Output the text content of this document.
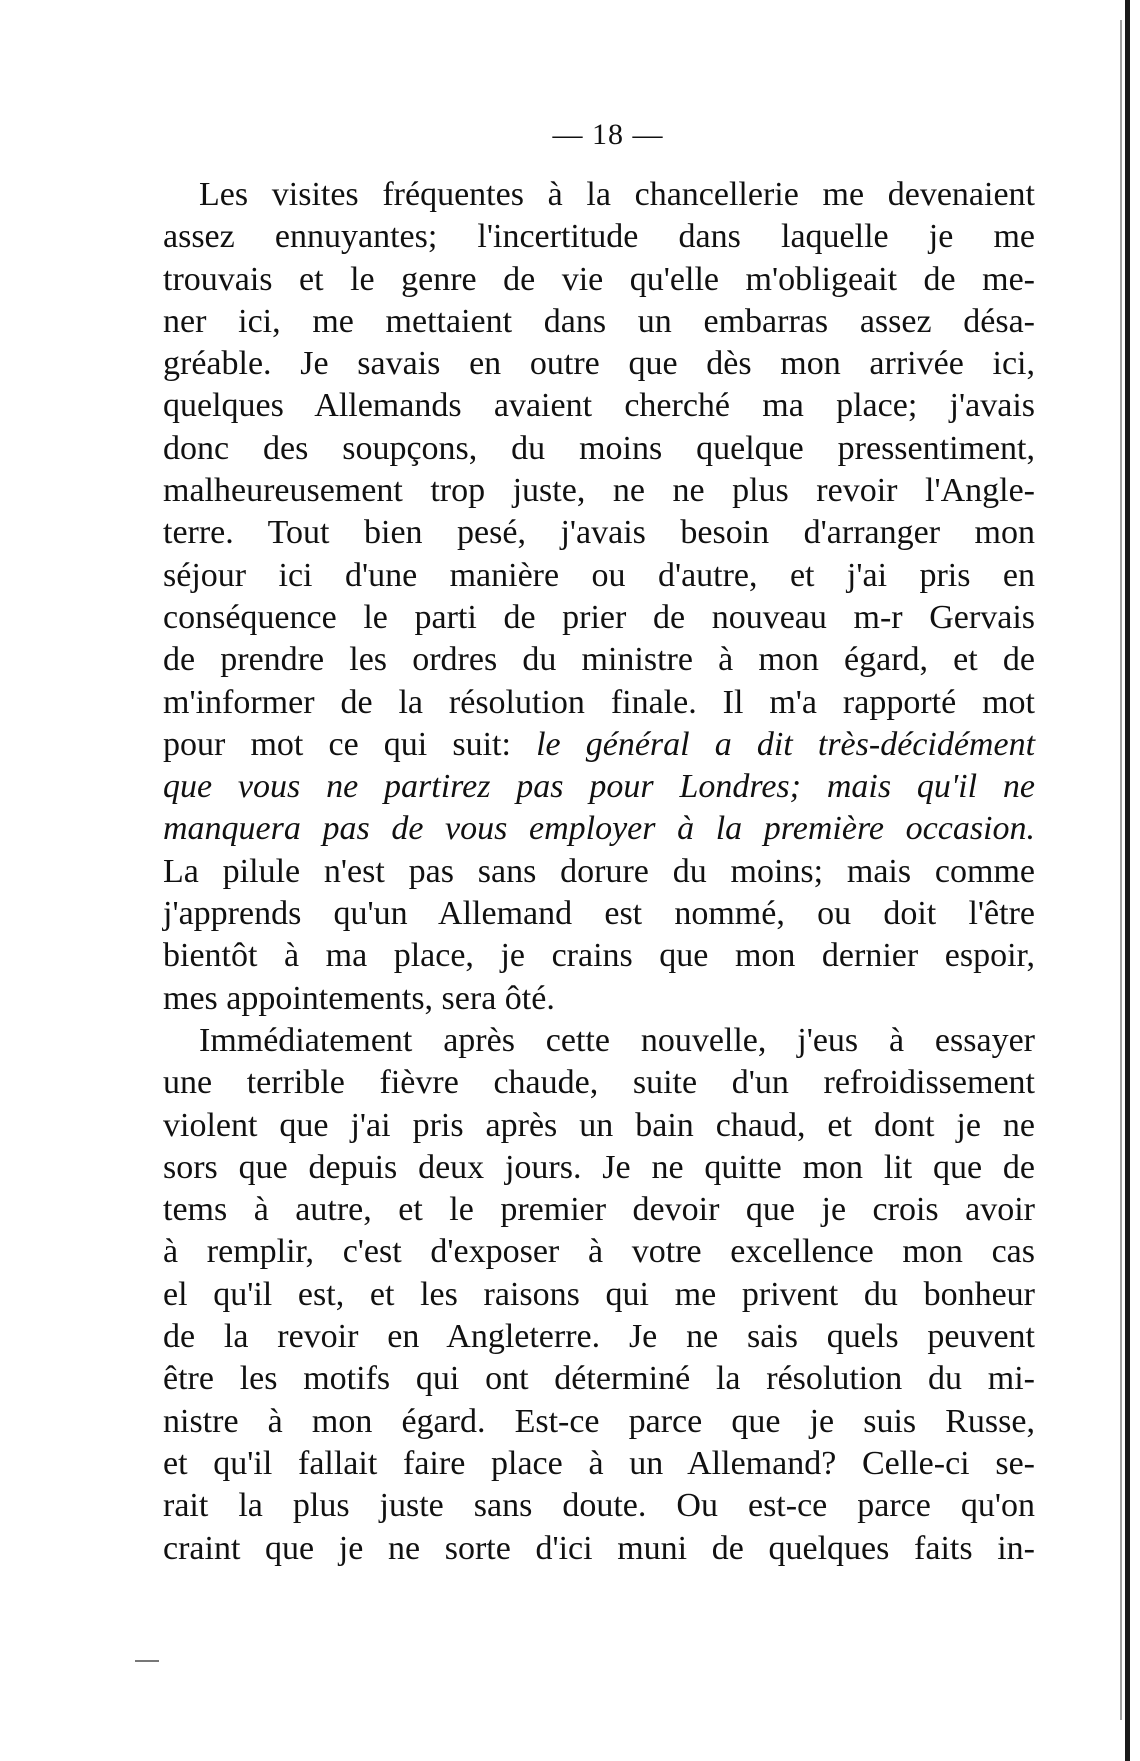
— 18 —
Les visites fréquentes à la chancellerie me devenaient
assez ennuyantes; l'incertitude dans laquelle je me
trouvais et le genre de vie qu'elle m'obligeait de me-
ner ici, me mettaient dans un embarras assez désa-
gréable. Je savais en outre que dès mon arrivée ici,
quelques Allemands avaient cherché ma place; j'avais
donc des soupçons, du moins quelque pressentiment,
malheureusement trop juste, ne ne plus revoir l'Angle-
terre. Tout bien pesé, j'avais besoin d'arranger mon
séjour ici d'une manière ou d'autre, et j'ai pris en
conséquence le parti de prier de nouveau m-r Gervais
de prendre les ordres du ministre à mon égard, et de
m'informer de la résolution finale. Il m'a rapporté mot
pour mot ce qui suit: le général a dit très-décidément
que vous ne partirez pas pour Londres; mais qu'il ne
manquera pas de vous employer à la première occasion.
La pilule n'est pas sans dorure du moins; mais comme
j'apprends qu'un Allemand est nommé, ou doit l'être
bientôt à ma place, je crains que mon dernier espoir,
mes appointements, sera ôté.
Immédiatement après cette nouvelle, j'eus à essayer
une terrible fièvre chaude, suite d'un refroidissement
violent que j'ai pris après un bain chaud, et dont je ne
sors que depuis deux jours. Je ne quitte mon lit que de
tems à autre, et le premier devoir que je crois avoir
à remplir, c'est d'exposer à votre excellence mon cas
el qu'il est, et les raisons qui me privent du bonheur
de la revoir en Angleterre. Je ne sais quels peuvent
être les motifs qui ont déterminé la résolution du mi-
nistre à mon égard. Est-ce parce que je suis Russe,
et qu'il fallait faire place à un Allemand? Celle-ci se-
rait la plus juste sans doute. Ou est-ce parce qu'on
craint que je ne sorte d'ici muni de quelques faits in-
